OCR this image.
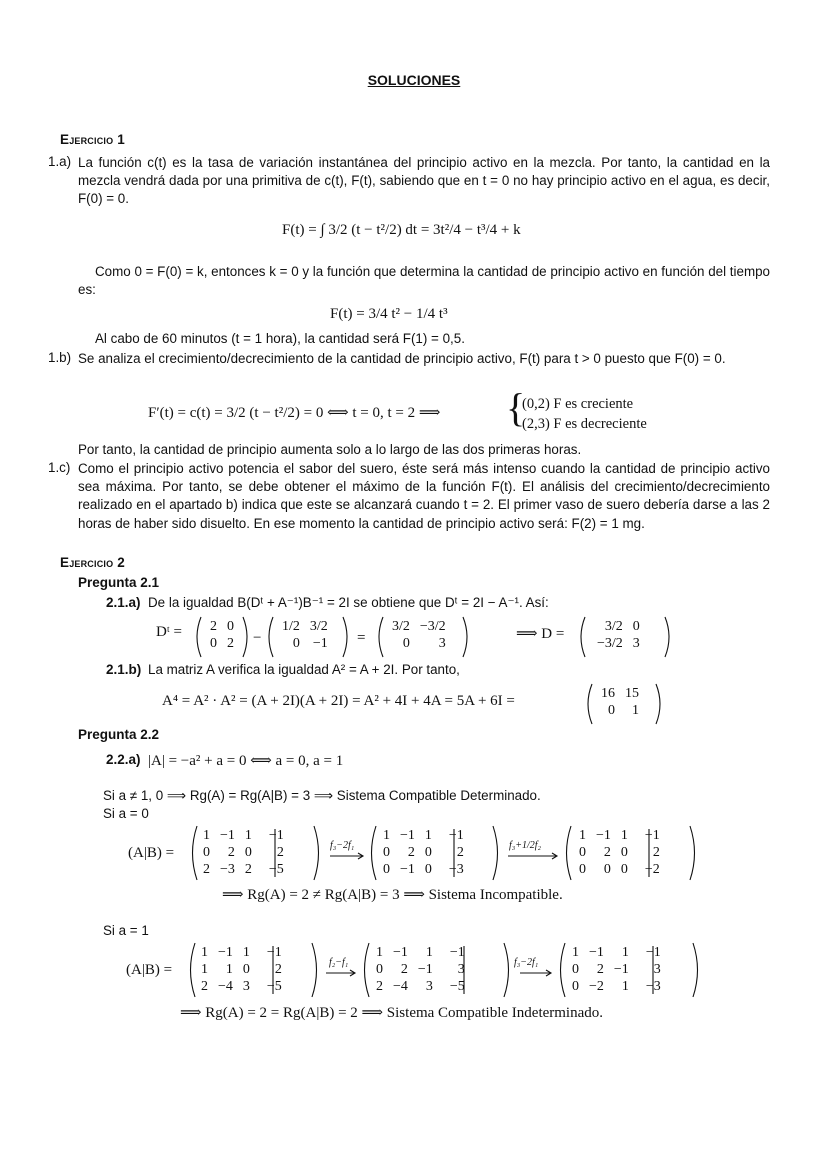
SOLUCIONES
Ejercicio 1
1.a) La función c(t) es la tasa de variación instantánea del principio activo en la mezcla. Por tanto, la cantidad en la mezcla vendrá dada por una primitiva de c(t), F(t), sabiendo que en t = 0 no hay principio activo en el agua, es decir, F(0) = 0.
F(t) = ∫ 3/2 (t − t²/2) dt = 3t²/4 − t³/4 + k
Como 0 = F(0) = k, entonces k = 0 y la función que determina la cantidad de principio activo en función del tiempo es:
F(t) = 3/4 t² − 1/4 t³
Al cabo de 60 minutos (t = 1 hora), la cantidad será F(1) = 0,5.
1.b) Se analiza el crecimiento/decrecimiento de la cantidad de principio activo, F(t) para t > 0 puesto que F(0) = 0.
F′(t) = c(t) = 3/2 (t − t²/2) = 0 ⟺ t = 0, t = 2 ⟹ {
(0,2) F es creciente
(2,3) F es decreciente
Por tanto, la cantidad de principio aumenta solo a lo largo de las dos primeras horas.
1.c) Como el principio activo potencia el sabor del suero, éste será más intenso cuando la cantidad de principio activo sea máxima. Por tanto, se debe obtener el máximo de la función F(t). El análisis del crecimiento/decrecimiento realizado en el apartado b) indica que este se alcanzará cuando t = 2. El primer vaso de suero debería darse a las 2 horas de haber sido disuelto. En ese momento la cantidad de principio activo será: F(2) = 1 mg.
Ejercicio 2
Pregunta 2.1
2.1.a) De la igualdad B(Dᵗ + A⁻¹)B⁻¹ = 2I se obtiene que Dᵗ = 2I − A⁻¹. Así:
Dᵗ =	−	=
2	0
0	2
1/2	3/2
0	−1
3/2	−3/2
0	3
⟹ D =	3/2	0
−3/2	3
2.1.b) La matriz A verifica la igualdad A² = A + 2I. Por tanto,
A⁴ = A² · A² = (A + 2I)(A + 2I) = A² + 4I + 4A = 5A + 6I =	16	15
0	1
Pregunta 2.2
2.2.a) |A| = −a² + a = 0 ⟺ a = 0, a = 1
Si a ≠ 1, 0 ⟹ Rg(A) = Rg(A|B) = 3 ⟹ Sistema Compatible Determinado.
Si a = 0
(A|B) =	f₃−2f₁	f₃+1/2f₂
1	−1	1	−1
0	2	0	2
2	−3	2	−5
1	−1	1	−1
0	2	0	2
0	−1	0	−3
1	−1	1	−1
0	2	0	2
0	0	0	−2
⟹ Rg(A) = 2 ≠ Rg(A|B) = 3 ⟹ Sistema Incompatible.
Si a = 1
(A|B) =	f₂−f₁	f₃−2f₁
1	−1	1	−1
1	1	0	2
2	−4	3	−5
1	−1	1	−1
0	2	−1	3
2	−4	3	−5
1	−1	1	−1
0	2	−1	3
0	−2	1	−3
⟹ Rg(A) = 2 = Rg(A|B) = 2 ⟹ Sistema Compatible Indeterminado.
